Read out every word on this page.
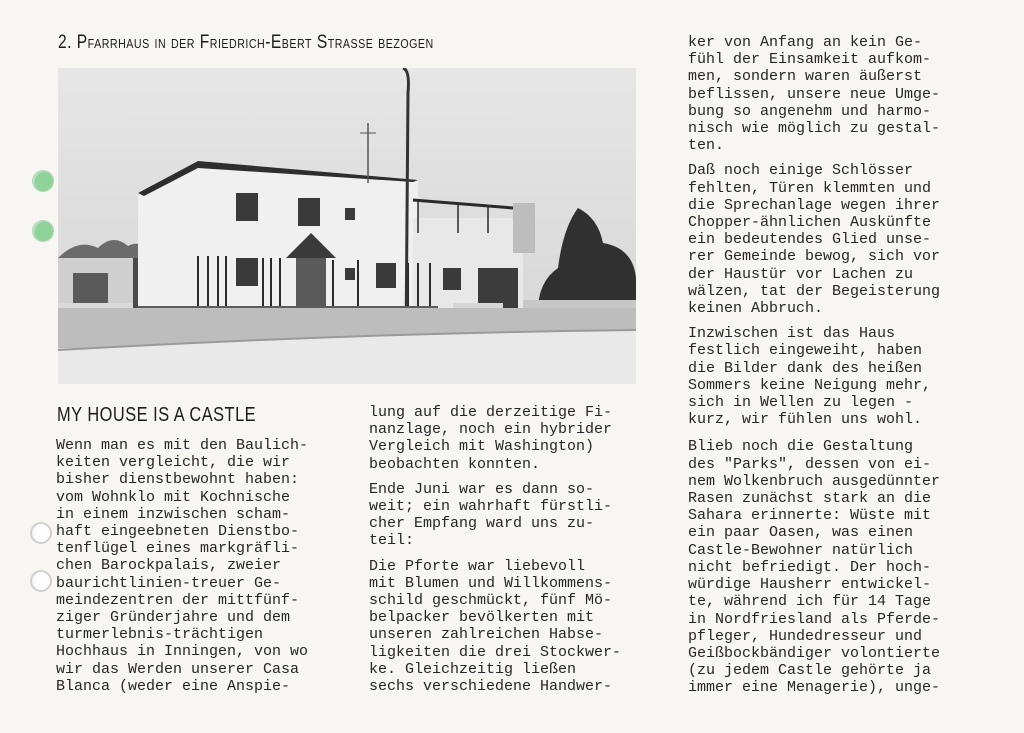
2. Pfarrhaus in der Friedrich-Ebert Strasse bezogen
MY HOUSE IS A CASTLE

Wenn man es mit den Baulich-
keiten vergleicht, die wir
bisher dienstbewohnt haben:
vom Wohnklo mit Kochnische
in einem inzwischen scham-
haft eingeebneten Dienstbo-
tenflügel eines markgräfli-
chen Barockpalais, zweier
baurichtlinien-treuer Ge-
meindezentren der mittfünf-
ziger Gründerjahre und dem
turmerlebnis-trächtigen
Hochhaus in Inningen, von wo
wir das Werden unserer Casa
Blanca (weder eine Anspie-

lung auf die derzeitige Fi-
nanzlage, noch ein hybrider
Vergleich mit Washington)
beobachten konnten.

Ende Juni war es dann so-
weit; ein wahrhaft fürstli-
cher Empfang ward uns zu-
teil:

Die Pforte war liebevoll
mit Blumen und Willkommens-
schild geschmückt, fünf Mö-
belpacker bevölkerten mit
unseren zahlreichen Habse-
ligkeiten die drei Stockwer-
ke. Gleichzeitig ließen
sechs verschiedene Handwer-

ker von Anfang an kein Ge-
fühl der Einsamkeit aufkom-
men, sondern waren äußerst
beflissen, unsere neue Umge-
bung so angenehm und harmo-
nisch wie möglich zu gestal-
ten.

Daß noch einige Schlösser
fehlten, Türen klemmten und
die Sprechanlage wegen ihrer
Chopper-ähnlichen Auskünfte
ein bedeutendes Glied unse-
rer Gemeinde bewog, sich vor
der Haustür vor Lachen zu
wälzen, tat der Begeisterung
keinen Abbruch.

Inzwischen ist das Haus
festlich eingeweiht, haben
die Bilder dank des heißen
Sommers keine Neigung mehr,
sich in Wellen zu legen -
kurz, wir fühlen uns wohl.

Blieb noch die Gestaltung
des "Parks", dessen von ei-
nem Wolkenbruch ausgedünnter
Rasen zunächst stark an die
Sahara erinnerte: Wüste mit
ein paar Oasen, was einen
Castle-Bewohner natürlich
nicht befriedigt. Der hoch-
würdige Hausherr entwickel-
te, während ich für 14 Tage
in Nordfriesland als Pferde-
pfleger, Hundedresseur und
Geißbockbändiger volontierte
(zu jedem Castle gehörte ja
immer eine Menagerie), unge-
